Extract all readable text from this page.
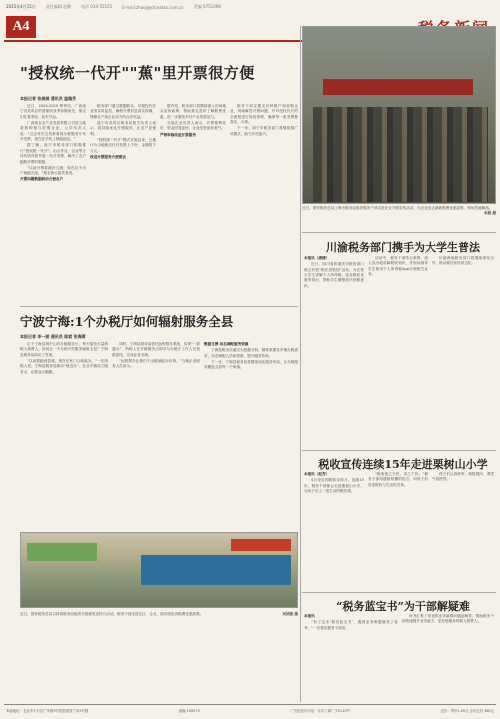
2025年4月15日	责任编辑 赵静	电话 010-55525	E-mail:zhaoj@chinatax.com.cn	美编 0751098
A4
"授权统一代开""蕉"里开票很方便
本报记者 张娟娟 通讯员 温璇芳

近日，2024-2025 榨季初，广西南宁市武鸣区的香蕉收获季如期而至，蕉农们忙着采收、装车外运。

广西某农业产业发展有限公司是当地香蕉种植与收购企业，公司负责人说：“过去每次交易都要到办税服务厅代开发票，现在在手机上就能搞定。”

据了解，南宁市税务部门积极推行“授权统一代开”，由合作社、企业等主体代收货款并统一代开发票，解决了农户跑路开票的难题。

“以前开票要跑好几趟，现在足不出户就能完成。”蕉农黄大姐笑着说。

开票问题数据联动方便农户

税务部门通过数据联动，对授权代开业务实时监控，确保开票信息真实准确，保障农户和企业双方的合法权益。

南宁市武鸣区税务局相关负责人表示，将持续优化开票服务，让农户更便利。

“授权统一代开”模式实施以来，已累计为当地蕉农代开发票上千份，金额数千万元。

改进开票服务方便蕉农

据介绍，税务部门将继续深入田间地头宣传政策，帮助蕉农及时了解税费优惠，进一步激发乡村产业发展活力。

当地企业负责人表示，开票便利化后，资金回笼更快，企业经营更有底气。

严格审核改进开票服务

税务干部定期走访种植户和收购企业，现场解答开票问题，并对授权代开的全流程进行规范管理，确保每一张发票都真实、合规。

下一步，南宁市税务部门将继续推广该模式，助力乡村振兴。

近日，国家税务总局上海市税务局组织税务干部走进企业开展宣传活动，为企业送去最新税费优惠政策，现场答疑解惑。
李晨 摄
川渝税务部门携手为大学生普法

本报讯（唐清）

近日，四川省和重庆市税务部门联合开展“税法进校园”活动，为在校大学生讲解个人所得税、创业税收优惠等知识，帮助学生增强依法纳税意识。

活动中，税务干部结合案例，深入浅出地讲解税收知识，并现场指导学生使用个人所得税App办理相关业务。

川渝两地税务部门将继续深化合作，推动税法宣传常态化。

宁波宁海:1个办税厅如何辐射服务全县
本报记者 李一丽 通讯员 陈斌 张海蓉

位于宁海县城中心的办税服务厅，每天接待大量纳税人缴费人。如何让一个办税厅的服务辐射全县？宁海县税务局给出了答案。

“以前要跑到县城，现在在家门口就能办。”一位纳税人说。宁海县税务局推动“就近办”，在各乡镇设立服务点，让群众少跑腿。

同时，宁海县税务局依托远程帮办系统，实现“一屏通办”，纳税人在乡镇服务点即可与办税厅工作人员视频连线，完成业务办理。

“远程帮办让我们不出镇就能办好事。”当地企业财务人员表示。

数据支撑 动态调配服务资源

宁海县税务局通过大数据分析，精准掌握各乡镇办税需求，动态调配人员和资源，提升服务效率。

下一步，宁海县税务局将继续优化服务布局，让办税服务覆盖全县每一个角落。

近日，国家税务总局吉林省税务局组织开展税收宣传月活动，税务干部走进社区、企业，面对面宣讲税费优惠政策。	刘国强 摄
税收宣传连续15年走进栗树山小学

本报讯（赵芳）

4月是全国税收宣传月。连续15年，税务干部都会走进栗树山小学，为孩子们上一堂生动的税收课。

“税收取之于民，用之于民。”税务干部用通俗易懂的语言，向孩子们讲述税收与生活的关系。

孩子们认真聆听，积极提问，课堂气氛热烈。

“税务蓝宝书”为干部解疑难

本报讯

“有了这本‘税务蓝宝书’，遇到业务难题就有了参考。”一位基层税务干部说。

该书汇集了常见的业务疑难问题及解答，帮助税务干部快速提升业务能力，更好地服务纳税人缴费人。

本版地址：北京市丰台区广安路9号国投财富广场3号楼	邮编 100073	广告经营许可证：京丰工商广字0110号	定价：每份1.00元 全年定价 360元
